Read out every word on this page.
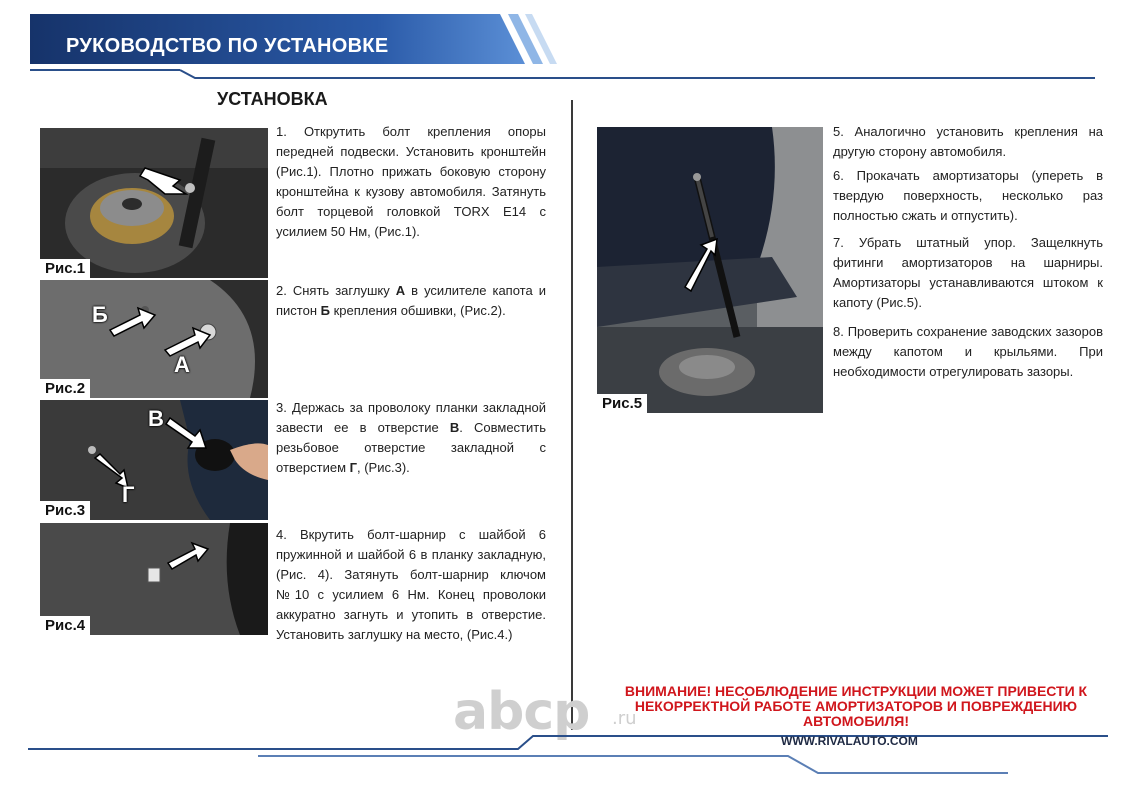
РУКОВОДСТВО ПО УСТАНОВКЕ
УСТАНОВКА
Рис.1
Б
А
Рис.2
В
Г
Рис.3
Рис.4
Рис.5
1. Открутить болт крепления опоры передней подвески. Установить кронштейн (Рис.1). Плотно прижать боковую сторону кронштейна к кузову автомобиля. Затянуть болт торцевой головкой TORX E14 с усилием 50 Нм, (Рис.1).
2. Снять заглушку А в усилителе капота и пистон Б крепления обшивки, (Рис.2).
3. Держась за проволоку планки закладной завести ее в отверстие В. Совместить резьбовое отверстие закладной с отверстием Г, (Рис.3).
4. Вкрутить болт-шарнир с шайбой 6 пружинной и шайбой 6 в планку закладную, (Рис. 4). Затянуть болт-шарнир ключом №10 с усилием 6 Нм. Конец проволоки аккуратно загнуть и утопить в отверстие. Установить заглушку на место, (Рис.4.)
5. Аналогично установить крепления на другую сторону автомобиля.
6. Прокачать амортизаторы (упереть в твердую поверхность, несколько раз полностью сжать и отпустить).
7. Убрать штатный упор. Защелкнуть фитинги амортизаторов на шарниры. Амортизаторы устанавливаются штоком к капоту (Рис.5).
8. Проверить сохранение заводских зазоров между капотом и крыльями. При необходимости отрегулировать зазоры.
abcp .ru
ВНИМАНИЕ! НЕСОБЛЮДЕНИЕ ИНСТРУКЦИИ МОЖЕТ ПРИВЕСТИ К НЕКОРРЕКТНОЙ РАБОТЕ АМОРТИЗАТОРОВ И ПОВРЕЖДЕНИЮ АВТОМОБИЛЯ!
WWW.RIVALAUTO.COM
